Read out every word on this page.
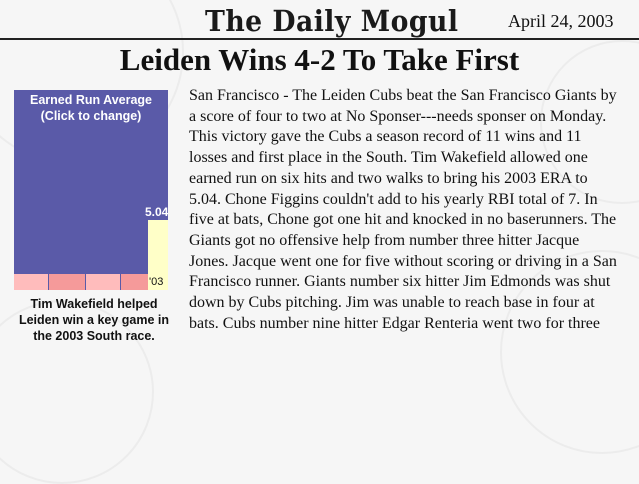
The Daily Mogul	April 24, 2003
Leiden Wins 4-2 To Take First
Earned Run Average
(Click to change)
5.04
'03
Tim Wakefield helped Leiden win a key game in the 2003 South race.
San Francisco - The Leiden Cubs beat the San Francisco Giants by a score of four to two at No Sponser---needs sponser on Monday. This victory gave the Cubs a season record of 11 wins and 11 losses and first place in the South. Tim Wakefield allowed one earned run on six hits and two walks to bring his 2003 ERA to 5.04. Chone Figgins couldn't add to his yearly RBI total of 7. In five at bats, Chone got one hit and knocked in no baserunners. The Giants got no offensive help from number three hitter Jacque Jones. Jacque went one for five without scoring or driving in a San Francisco runner. Giants number six hitter Jim Edmonds was shut down by Cubs pitching. Jim was unable to reach base in four at bats. Cubs number nine hitter Edgar Renteria went two for three
